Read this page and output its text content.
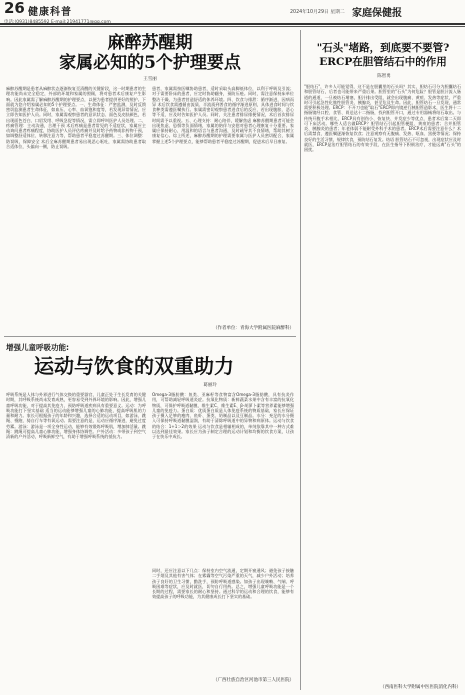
26 健康科普	2024年10月29日 星期二 家庭保健报
麻醉苏醒期
家属必知的5个护理要点
王雪丽
麻醉苏醒期是患者从麻醉状态逐渐恢复至清醒的关键阶段，这一时期患者的生理功能尚未完全稳定，外部的环境和家属的照顾，将对患者术后康复产生影响。因此家属需了解麻醉苏醒期的护理要点，以便为患者提供更好的照护。下面就为您介绍家属必知的5个护理要点。一、生命体征：严密监测，及时反馈 密切监测患者生命体征，如血压、心率、血氧饱和度等，若发现异常情况，应立即告知医护人员。同时，家属需观察患者的意识状态、面色及皮肤颜色，若出现面色苍白、口唇发绀、呼吸急促等情况，需立即呼叫医护人员处理。二、疼痛管理：主动沟通，合理干预 术后疼痛是患者常见的不适症状，家属应主动询问患者疼痛程度，协助医护人员评估疼痛并及时给予药物或非药物干预，如调整舒适体位、转移注意力等，帮助患者平稳度过苏醒期。三、体位调整：防误吸，保障安全 术后全麻苏醒期患者易出现恶心呕吐，家属需协助患者取合适体位，头偏向一侧，防止误吸。
患者，家属需按医嘱协助患者，适时采取头高脚低体位，以利于呼吸及引流；对于需要卧床的患者，应定时协助翻身，预防压疮。同时，需注意保持床单位整洁干燥，为患者营造舒适的休养环境。四、饮食与排泄：循序渐进，因病而异 术后饮食需遵循由流质、半流质到普食的循序渐进原则，具体进食时间与饮食种类需遵医嘱执行。家属需密切观察患者进食后的反应，若出现腹胀、恶心等不适，应及时告知医护人员。同时，关注患者排尿排便情况，术后首次排尿时间需予以重视。五、心理支持：耐心陪伴，缓解焦虑 麻醉苏醒期患者可能会出现焦虑、恐惧等负面情绪，家属的陪伴与安慰对患者心理康复十分重要。家属应保持耐心，用温和的语言与患者沟通，及时疏导其不良情绪，帮助其树立康复信心。综上所述，麻醉苏醒期的护理需要家属与医护人员密切配合，家属掌握上述5个护理要点，能够帮助患者平稳度过苏醒期，促进术后早日康复。
（作者单位：青海大学附属医院麻醉科）
增强儿童呼吸功能:
运动与饮食的双重助力
葛丽玲
呼吸系统是人体与外界进行气体交换的重要器官，儿童正处于生长发育的关键时期，其呼吸系统尚未发育成熟，更容易受到外界环境的影响。因此，增强儿童呼吸功能，对于提高其免疫力、预防呼吸道疾病具有重要意义。运动：为呼吸功能打下坚实基础 适当的运动能够增强儿童的心肺功能，提高呼吸肌的力量和耐力。家长可根据孩子的年龄和兴趣，选择合适的运动项目，如游泳、跳绳、慢跑、骑自行车等有氧运动。需要注意的是，运动应循序渐进，避免过度劳累。游泳：游泳是一项全身性运动，能够有效锻炼呼吸肌，增加肺活量。跳绳：跳绳可提高儿童心肺功能，增强身体协调性。户外活动：多带孩子到空气清新的户外活动，呼吸新鲜空气，有助于增强呼吸系统的抵抗力。
Omega-3脂肪酸：鱼类、亚麻籽等食物富含Omega-3脂肪酸，具有抗炎作用，可帮助减轻呼吸道炎症。抗氧化物质：新鲜蔬菜水果中含有丰富的抗氧化物质，可保护呼吸道黏膜，维生素C、维生素E、β-胡萝卜素等营养素能够增强儿童的免疫力。蛋白质：优质蛋白质是人体免疫系统的物质基础，家长应保证孩子摄入足够的瘦肉、鱼虾、蛋类、奶制品以及豆制品。水分：充足的水分摄入可保持呼吸道黏膜湿润，有助于清除呼吸道中的异物和病原体。运动与饮食的结合：1+1＞2的效果 运动与饮食是相辅相成的，单纯依靠其中一种方式难以达到最佳效果。家长应为孩子制定合理的运动计划和均衡的饮食方案，让孩子在快乐中成长。
同时，还应注意以下几点：保持室内空气流通，定期开窗通风；避免孩子接触二手烟及其他有害气体；在雾霾等空气污染严重的天气，减少户外活动；培养孩子良好的卫生习惯，勤洗手，预防呼吸道感染。如孩子出现咳嗽、气喘、呼吸困难等症状，应及时就医，切勿自行用药。总之，增强儿童呼吸功能是一个长期的过程，需要家长的耐心和坚持。通过科学的运动和合理的饮食，能够有效提高孩子的呼吸功能，为其健康成长打下坚实的基础。
（广西壮族自治区河池市第三人民医院）
"石头"堵路，到底要不要管?
ERCP在胆管结石中的作用
陈智勇
"胆结石"，许多人可能觉得，这不是在胆囊里的石头吗？其实，胆结石可分为胆囊结石和胆管结石，后者也可能带来严重后果。胆管里的"石头"为何危险？胆管是胆汁流入肠道的通道，一旦被结石堵塞，胆汁排出受阻，就会出现腹痛、黄疸、发热等症状，严重时可引起急性化脓性胆管炎、胰腺炎，甚至危及生命。因此，胆管结石一旦发现，通常需要积极处理。ERCP：不开刀也能"取石"ERCP即内镜逆行胰胆管造影术，医生将十二指肠镜经口腔、食管、胃送达十二指肠，找到胆管开口，通过专用器械将结石取出。与传统开腹手术相比，ERCP具有创伤小、恢复快、并发症少等优点，患者术后第二天即可下床活动。哪些人适合做ERCP？胆管结石引起胆管梗阻、黄疸的患者；合并胆管炎、胰腺炎的患者；年老体弱不能耐受外科手术的患者。ERCP术后需要注意什么？术后需禁食，遵医嘱逐渐恢复饮食；注意观察有无腹痛、发热、呕血、黑便等情况；保持良好的生活习惯，规律饮食，预防结石复发。结语 胆管结石不可忽视，出现症状应及时就医，ERCP是治疗胆管结石的有效手段，在医生指导下积极治疗，才能远离"石头"的困扰。
（西南医科大学附属中医医院消化内科）
